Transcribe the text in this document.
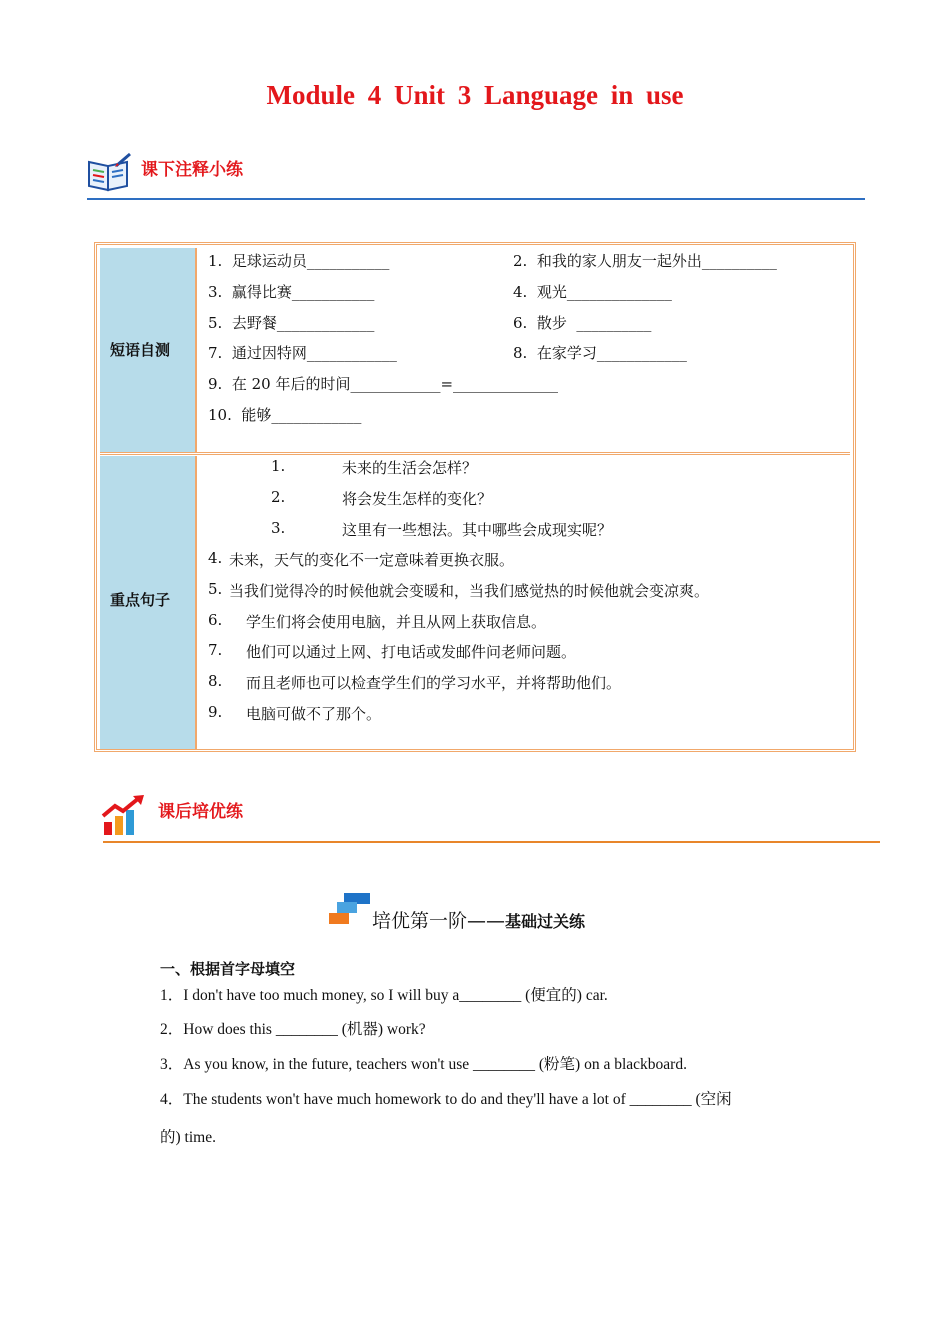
Module 4 Unit 3 Language in use
课下注释小练
短语自测
重点句子
1.  足球运动员___________	2.  和我的家人朋友一起外出__________
3.  赢得比赛___________	4.  观光______________
5.  去野餐_____________	6.  散步  __________
7.  通过因特网____________	8.  在家学习____________
9.  在 20 年后的时间____________=______________
10.  能够____________
1.	未来的生活会怎样？
2.	将会发生怎样的变化？
3.	这里有一些想法。其中哪些会成现实呢？
4. 未来，天气的变化不一定意味着更换衣服。
5. 当我们觉得冷的时候他就会变暖和，当我们感觉热的时候他就会变凉爽。
6. 学生们将会使用电脑，并且从网上获取信息。
7. 他们可以通过上网、打电话或发邮件问老师问题。
8. 而且老师也可以检查学生们的学习水平，并将帮助他们。
9. 电脑可做不了那个。
课后培优练
培优第一阶——基础过关练
一、根据首字母填空
1．I don't have too much money, so I will buy a________ (便宜的) car.
2．How does this ________ (机器) work?
3．As you know, in the future, teachers won't use ________ (粉笔) on a blackboard.
4．The students won't have much homework to do and they'll have a lot of ________ (空闲
的) time.
